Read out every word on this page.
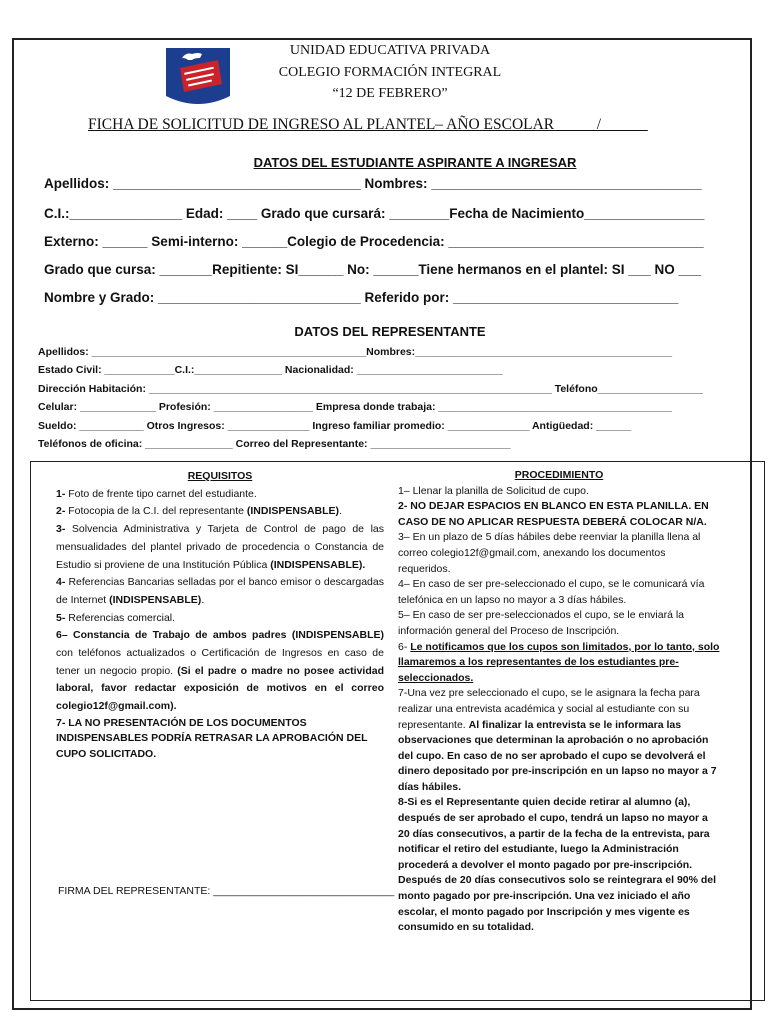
UNIDAD EDUCATIVA PRIVADA
COLEGIO FORMACIÓN INTEGRAL
“12 DE FEBRERO”
FICHA DE SOLICITUD DE INGRESO AL PLANTEL– AÑO ESCOLAR _____/______
DATOS DEL ESTUDIANTE ASPIRANTE A INGRESAR
Apellidos: _________________________________ Nombres: ____________________________________
C.I.:_______________ Edad: ____ Grado que cursará: ________Fecha de Nacimiento________________
Externo: ______ Semi-interno: ______Colegio de Procedencia: __________________________________
Grado que cursa: _______Repitiente: SI______ No: ______Tiene hermanos en el plantel: SI ___ NO ___
Nombre y Grado: ___________________________ Referido por: ______________________________
DATOS DEL REPRESENTANTE
Apellidos: _______________________________________________Nombres:____________________________________________
Estado Civil: ____________C.I.:_______________ Nacionalidad: _________________________
Dirección Habitación: _____________________________________________________________________ Teléfono__________________
Celular: _____________ Profesión: _________________ Empresa donde trabaja: ________________________________________
Sueldo: ___________ Otros Ingresos: ______________ Ingreso familiar promedio: ______________ Antigüedad: ______
Teléfonos de oficina: _______________ Correo del Representante: ________________________

REQUISITOS

1- Foto de frente tipo carnet del estudiante.

2- Fotocopia de la C.I. del representante (INDISPENSABLE).

3- Solvencia Administrativa y Tarjeta de Control de pago de las mensualidades del plantel privado de procedencia o Constancia de Estudio si proviene de una Institución Pública (INDISPENSABLE).

4- Referencias Bancarias selladas por el banco emisor o descargadas de Internet (INDISPENSABLE).

5- Referencias comercial.

6– Constancia de Trabajo de ambos padres (INDISPENSABLE) con teléfonos actualizados o Certificación de Ingresos en caso de tener un negocio propio. (Si el padre o madre no posee actividad laboral, favor redactar exposición de motivos en el correo colegio12f@gmail.com).

7- LA NO PRESENTACIÓN DE LOS DOCUMENTOS INDISPENSABLES PODRÍA RETRASAR LA APROBACIÓN DEL CUPO SOLICITADO.

FIRMA DEL REPRESENTANTE: _______________________________

PROCEDIMIENTO

1– Llenar la planilla de Solicitud de cupo.

2- NO DEJAR ESPACIOS EN BLANCO EN ESTA PLANILLA. EN CASO DE NO APLICAR RESPUESTA DEBERÁ COLOCAR N/A.

3– En un plazo de 5 días hábiles debe reenviar la planilla llena al correo colegio12f@gmail.com, anexando los documentos requeridos.

4– En caso de ser pre-seleccionado el cupo, se le comunicará vía telefónica en un lapso no mayor a 3 días hábiles.

5– En caso de ser pre-seleccionados el cupo, se le enviará la información general del Proceso de Inscripción.

6- Le notificamos que los cupos son limitados, por lo tanto, solo llamaremos a los representantes de los estudiantes pre-seleccionados.

7-Una vez pre seleccionado el cupo, se le asignara la fecha para realizar una entrevista académica y social al estudiante con su representante. Al finalizar la entrevista se le informara las observaciones que determinan la aprobación o no aprobación del cupo. En caso de no ser aprobado el cupo se devolverá el dinero depositado por pre-inscripción en un lapso no mayor a 7 días hábiles.

8-Si es el Representante quien decide retirar al alumno (a), después de ser aprobado el cupo, tendrá un lapso no mayor a 20 días consecutivos, a partir de la fecha de la entrevista, para notificar el retiro del estudiante, luego la Administración procederá a devolver el monto pagado por pre-inscripción. Después de 20 días consecutivos solo se reintegrara el 90% del monto pagado por pre-inscripción. Una vez iniciado el año escolar, el monto pagado por Inscripción y mes vigente es consumido en su totalidad.
